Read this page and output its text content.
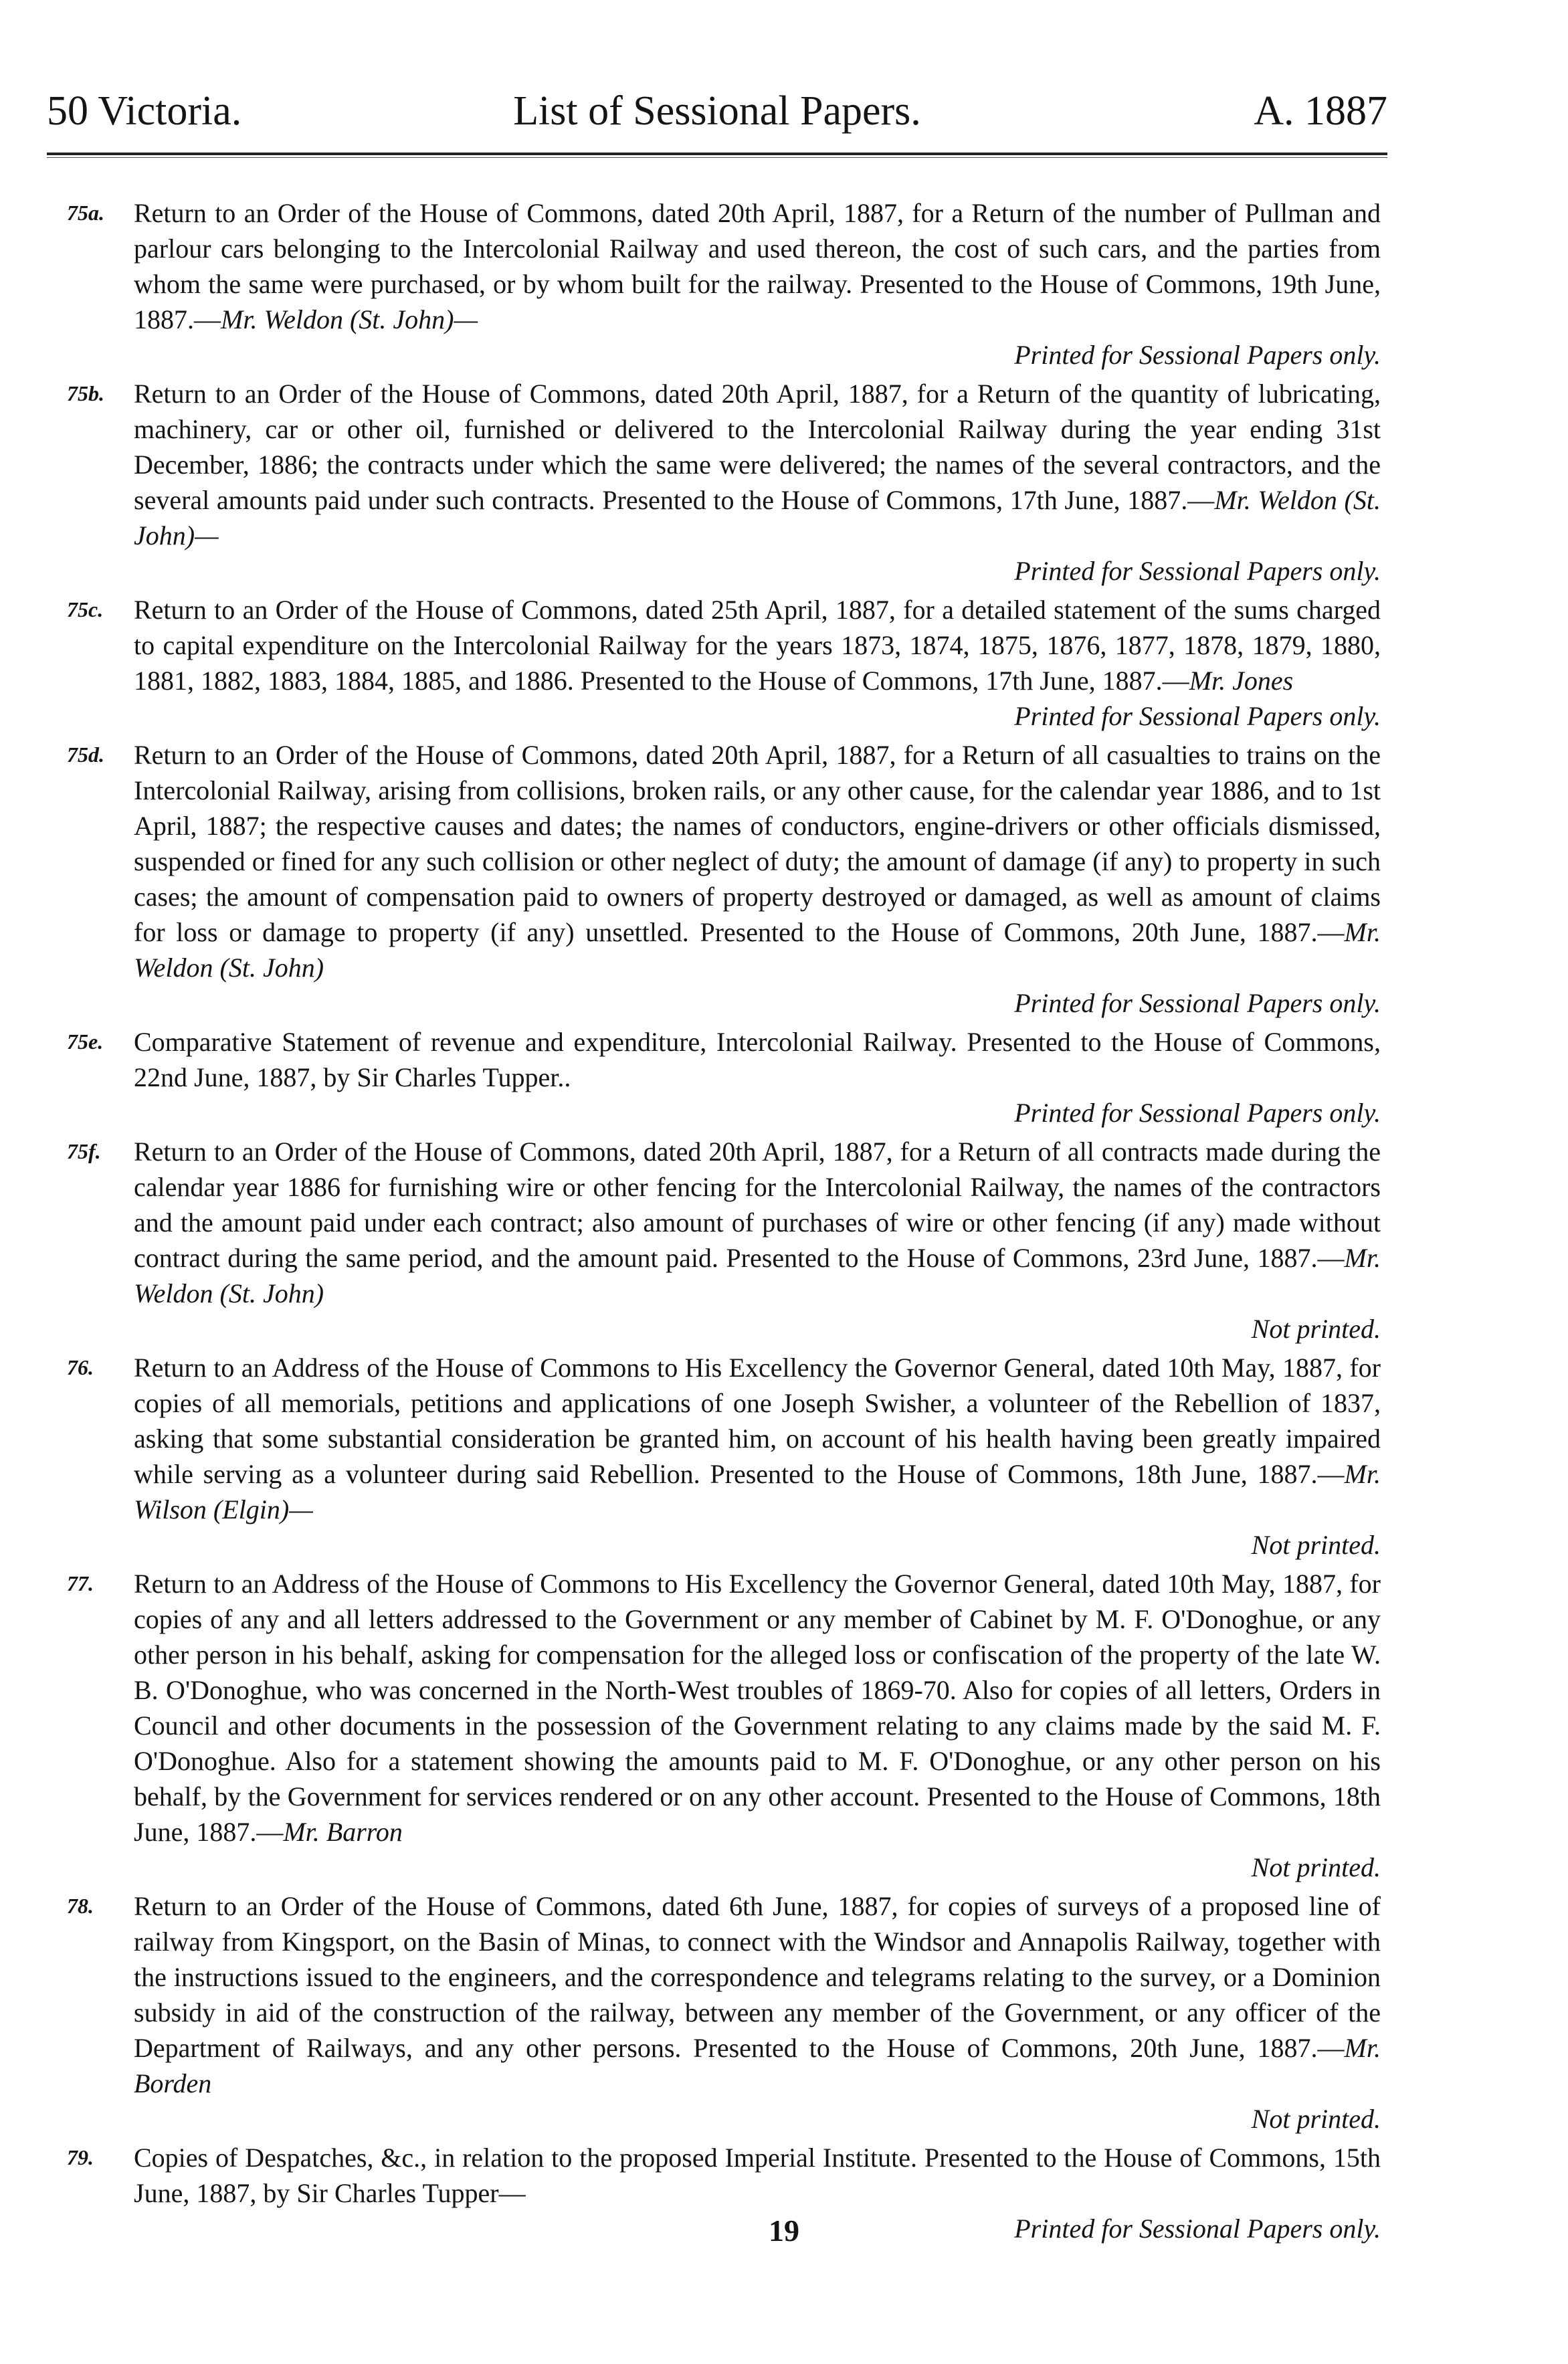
50 Victoria.	List of Sessional Papers.	A. 1887
75a.	Return to an Order of the House of Commons, dated 20th April, 1887, for a Return of the number of Pullman and parlour cars belonging to the Intercolonial Railway and used thereon, the cost of such cars, and the parties from whom the same were purchased, or by whom built for the railway. Presented to the House of Commons, 19th June, 1887.—Mr. Weldon (St. John)—
Printed for Sessional Papers only.
75b.	Return to an Order of the House of Commons, dated 20th April, 1887, for a Return of the quantity of lubricating, machinery, car or other oil, furnished or delivered to the Intercolonial Railway during the year ending 31st December, 1886; the contracts under which the same were delivered; the names of the several contractors, and the several amounts paid under such contracts. Presented to the House of Commons, 17th June, 1887.—Mr. Weldon (St. John)—
Printed for Sessional Papers only.
75c.	Return to an Order of the House of Commons, dated 25th April, 1887, for a detailed statement of the sums charged to capital expenditure on the Intercolonial Railway for the years 1873, 1874, 1875, 1876, 1877, 1878, 1879, 1880, 1881, 1882, 1883, 1884, 1885, and 1886. Presented to the House of Commons, 17th June, 1887.—Mr. Jones
Printed for Sessional Papers only.
75d.	Return to an Order of the House of Commons, dated 20th April, 1887, for a Return of all casualties to trains on the Intercolonial Railway, arising from collisions, broken rails, or any other cause, for the calendar year 1886, and to 1st April, 1887; the respective causes and dates; the names of conductors, engine-drivers or other officials dismissed, suspended or fined for any such collision or other neglect of duty; the amount of damage (if any) to property in such cases; the amount of compensation paid to owners of property destroyed or damaged, as well as amount of claims for loss or damage to property (if any) unsettled. Presented to the House of Commons, 20th June, 1887.—Mr. Weldon (St. John)
Printed for Sessional Papers only.
75e.	Comparative Statement of revenue and expenditure, Intercolonial Railway. Presented to the House of Commons, 22nd June, 1887, by Sir Charles Tupper..
Printed for Sessional Papers only.
75f.	Return to an Order of the House of Commons, dated 20th April, 1887, for a Return of all contracts made during the calendar year 1886 for furnishing wire or other fencing for the Intercolonial Railway, the names of the contractors and the amount paid under each contract; also amount of purchases of wire or other fencing (if any) made without contract during the same period, and the amount paid. Presented to the House of Commons, 23rd June, 1887.—Mr. Weldon (St. John)
Not printed.
76.	Return to an Address of the House of Commons to His Excellency the Governor General, dated 10th May, 1887, for copies of all memorials, petitions and applications of one Joseph Swisher, a volunteer of the Rebellion of 1837, asking that some substantial consideration be granted him, on account of his health having been greatly impaired while serving as a volunteer during said Rebellion. Presented to the House of Commons, 18th June, 1887.—Mr. Wilson (Elgin)—
Not printed.
77.	Return to an Address of the House of Commons to His Excellency the Governor General, dated 10th May, 1887, for copies of any and all letters addressed to the Government or any member of Cabinet by M. F. O'Donoghue, or any other person in his behalf, asking for compensation for the alleged loss or confiscation of the property of the late W. B. O'Donoghue, who was concerned in the North-West troubles of 1869-70. Also for copies of all letters, Orders in Council and other documents in the possession of the Government relating to any claims made by the said M. F. O'Donoghue. Also for a statement showing the amounts paid to M. F. O'Donoghue, or any other person on his behalf, by the Government for services rendered or on any other account. Presented to the House of Commons, 18th June, 1887.—Mr. Barron
Not printed.
78.	Return to an Order of the House of Commons, dated 6th June, 1887, for copies of surveys of a proposed line of railway from Kingsport, on the Basin of Minas, to connect with the Windsor and Annapolis Railway, together with the instructions issued to the engineers, and the correspondence and telegrams relating to the survey, or a Dominion subsidy in aid of the construction of the railway, between any member of the Government, or any officer of the Department of Railways, and any other persons. Presented to the House of Commons, 20th June, 1887.—Mr. Borden
Not printed.
79.	Copies of Despatches, &c., in relation to the proposed Imperial Institute. Presented to the House of Commons, 15th June, 1887, by Sir Charles Tupper—
Printed for Sessional Papers only.
19
